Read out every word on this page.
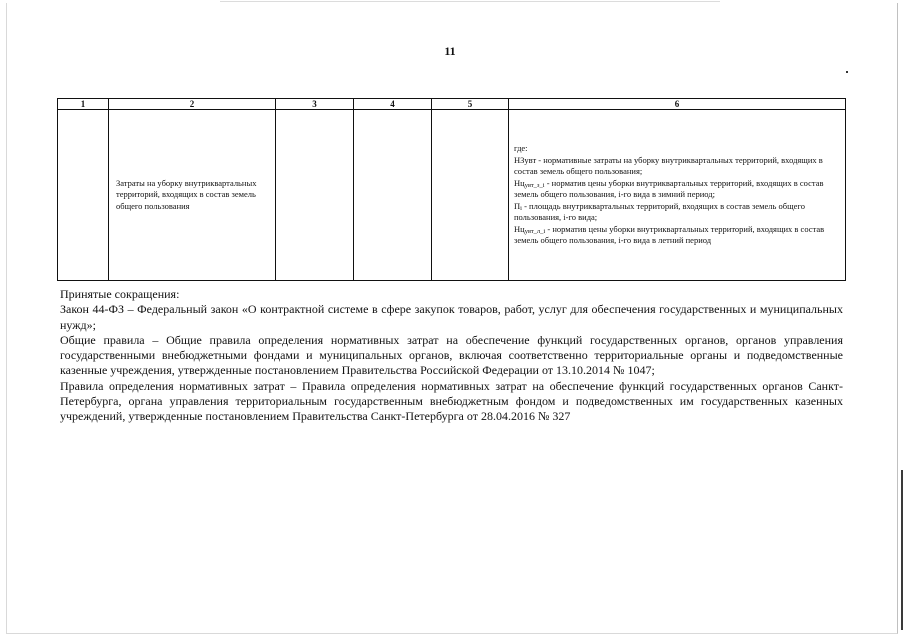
11
1	2	3	4	5	6
	Затраты на уборку внутриквартальных территорий, входящих в состав земель общего пользования				где:
НЗувт - нормативные затраты на уборку внутриквартальных территорий, входящих в состав земель общего пользования;
Нцувт_з_i - норматив цены уборки внутриквартальных территорий, входящих в состав земель общего пользования, i-го вида в зимний период;
Пi - площадь внутриквартальных территорий, входящих в состав земель общего пользования, i-го вида;
Нцувт_л_i - норматив цены уборки внутриквартальных территорий, входящих в состав земель общего пользования, i-го вида в летний период

Принятые сокращения:

Закон 44-ФЗ – Федеральный закон «О контрактной системе в сфере закупок товаров, работ, услуг для обеспечения государственных и муниципальных нужд»;

Общие правила – Общие правила определения нормативных затрат на обеспечение функций государственных органов, органов управления государственными внебюджетными фондами и муниципальных органов, включая соответственно территориальные органы и подведомственные казенные учреждения, утвержденные постановлением Правительства Российской Федерации от 13.10.2014 № 1047;

Правила определения нормативных затрат – Правила определения нормативных затрат на обеспечение функций государственных органов Санкт-Петербурга, органа управления территориальным государственным внебюджетным фондом и подведомственных им государственных казенных учреждений, утвержденные постановлением Правительства Санкт-Петербурга от 28.04.2016 № 327
